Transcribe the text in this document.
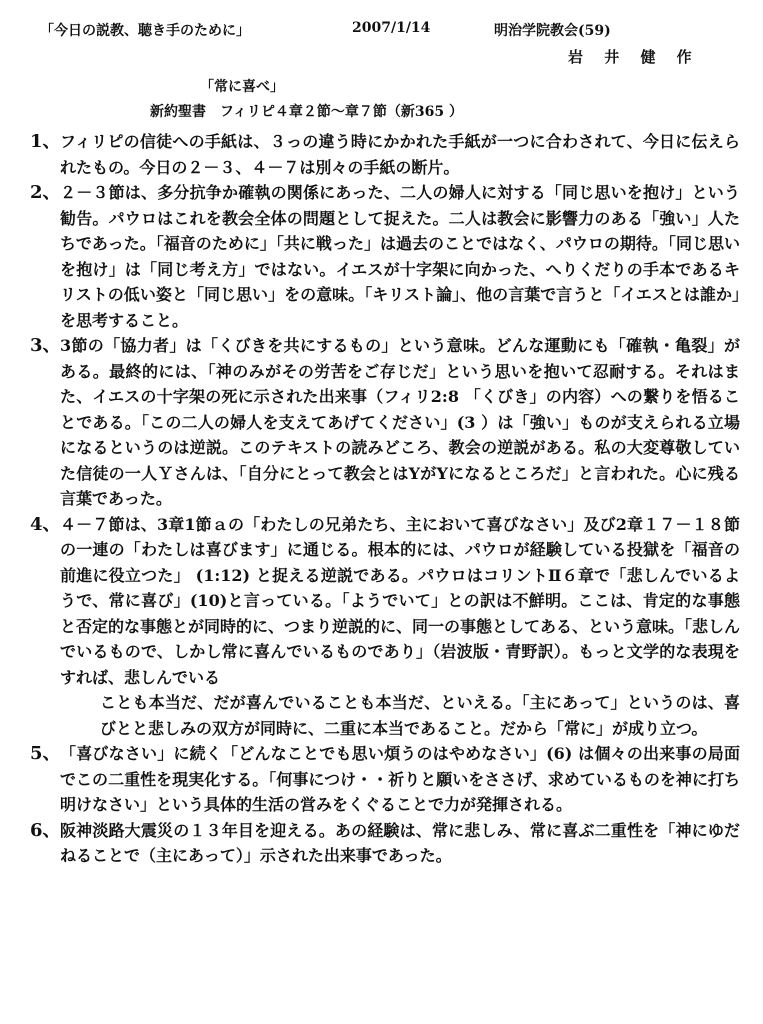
「今日の説教、聴き手のために」	2007/1/14	明治学院教会(59)
岩 井 健 作
「常に喜べ」
新約聖書　フィリピ４章２節～章７節（新365 ）

1、 フィリピの信徒への手紙は、３っの違う時にかかれた手紙が一つに合わされて、今日に伝えられたもの。今日の２－３、４－７は別々の手紙の断片。

2、 ２－３節は、多分抗争か確執の関係にあった、二人の婦人に対する「同じ思いを抱け」という勧告。パウロはこれを教会全体の問題として捉えた。二人は教会に影響力のある「強い」人たちであった。「福音のために」「共に戦った」は過去のことではなく、パウロの期待。「同じ思いを抱け」は「同じ考え方」ではない。イエスが十字架に向かった、へりくだりの手本であるキリストの低い姿と「同じ思い」をの意味。「キリスト論」、他の言葉で言うと「イエスとは誰か」を思考すること。

3、 3節の「協力者」は「くびきを共にするもの」という意味。どんな運動にも「確執・亀裂」がある。最終的には、「神のみがその労苦をご存じだ」という思いを抱いて忍耐する。それはまた、イエスの十字架の死に示された出来事（フィリ2:8 「くびき」の内容）への繋りを悟ることである。「この二人の婦人を支えてあげてください」(3 ）は「強い」ものが支えられる立場になるというのは逆説。このテキストの読みどころ、教会の逆説がある。私の大変尊敬していた信徒の一人Ｙさんは、「自分にとって教会とはYがYになるところだ」と言われた。心に残る言葉であった。

4、 ４－７節は、3章1節ａの「わたしの兄弟たち、主において喜びなさい」及び2章１７－１８節の一連の「わたしは喜びます」に通じる。根本的には、パウロが経験している投獄を「福音の前進に役立つた」 (1:12) と捉える逆説である。パウロはコリントⅡ６章で「悲しんでいるようで、常に喜び」(10)と言っている。「ようでいて」との訳は不鮮明。ここは、肯定的な事態と否定的な事態とが同時的に、つまり逆説的に、同一の事態としてある、という意味。「悲しんでいるもので、しかし常に喜んでいるものであり」（岩波版・青野訳）。もっと文学的な表現をすれば、悲しんでいる
ことも本当だ、だが喜んでいることも本当だ、といえる。「主にあって」というのは、喜びとと悲しみの双方が同時に、二重に本当であること。だから「常に」が成り立つ。

5、 「喜びなさい」に続く「どんなことでも思い煩うのはやめなさい」(6) は個々の出来事の局面でこの二重性を現実化する。「何事につけ・・祈りと願いをささげ、求めているものを神に打ち明けなさい」という具体的生活の営みをくぐることで力が発揮される。

6、 阪神淡路大震災の１３年目を迎える。あの経験は、常に悲しみ、常に喜ぶ二重性を「神にゆだねることで（主にあって）」示された出来事であった。
